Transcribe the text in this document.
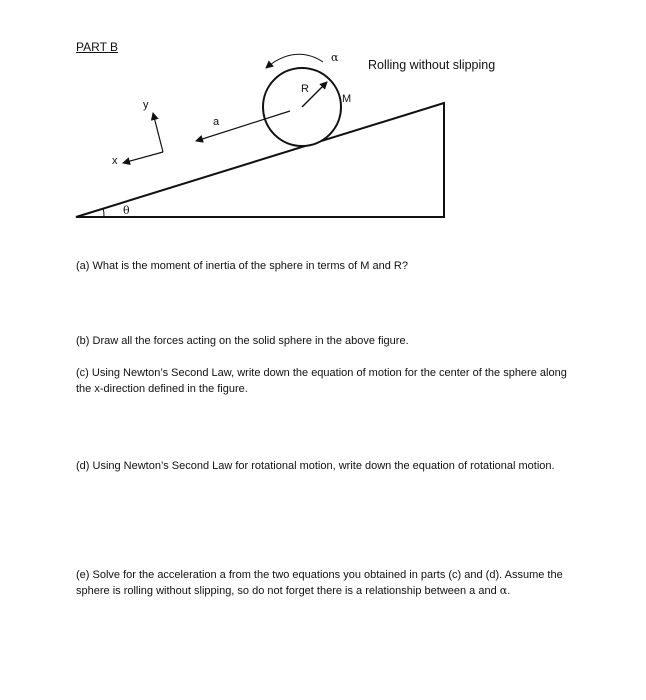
PART B
θ
R
M
α
a
x
y
Rolling without slipping

(a) What is the moment of inertia of the sphere in terms of M and R?

(b) Draw all the forces acting on the solid sphere in the above figure.

(c) Using Newton’s Second Law, write down the equation of motion for the center of the sphere along the x-direction defined in the figure.

(d) Using Newton’s Second Law for rotational motion, write down the equation of rotational motion.

(e) Solve for the acceleration a from the two equations you obtained in parts (c) and (d). Assume the sphere is rolling without slipping, so do not forget there is a relationship between a and α.
